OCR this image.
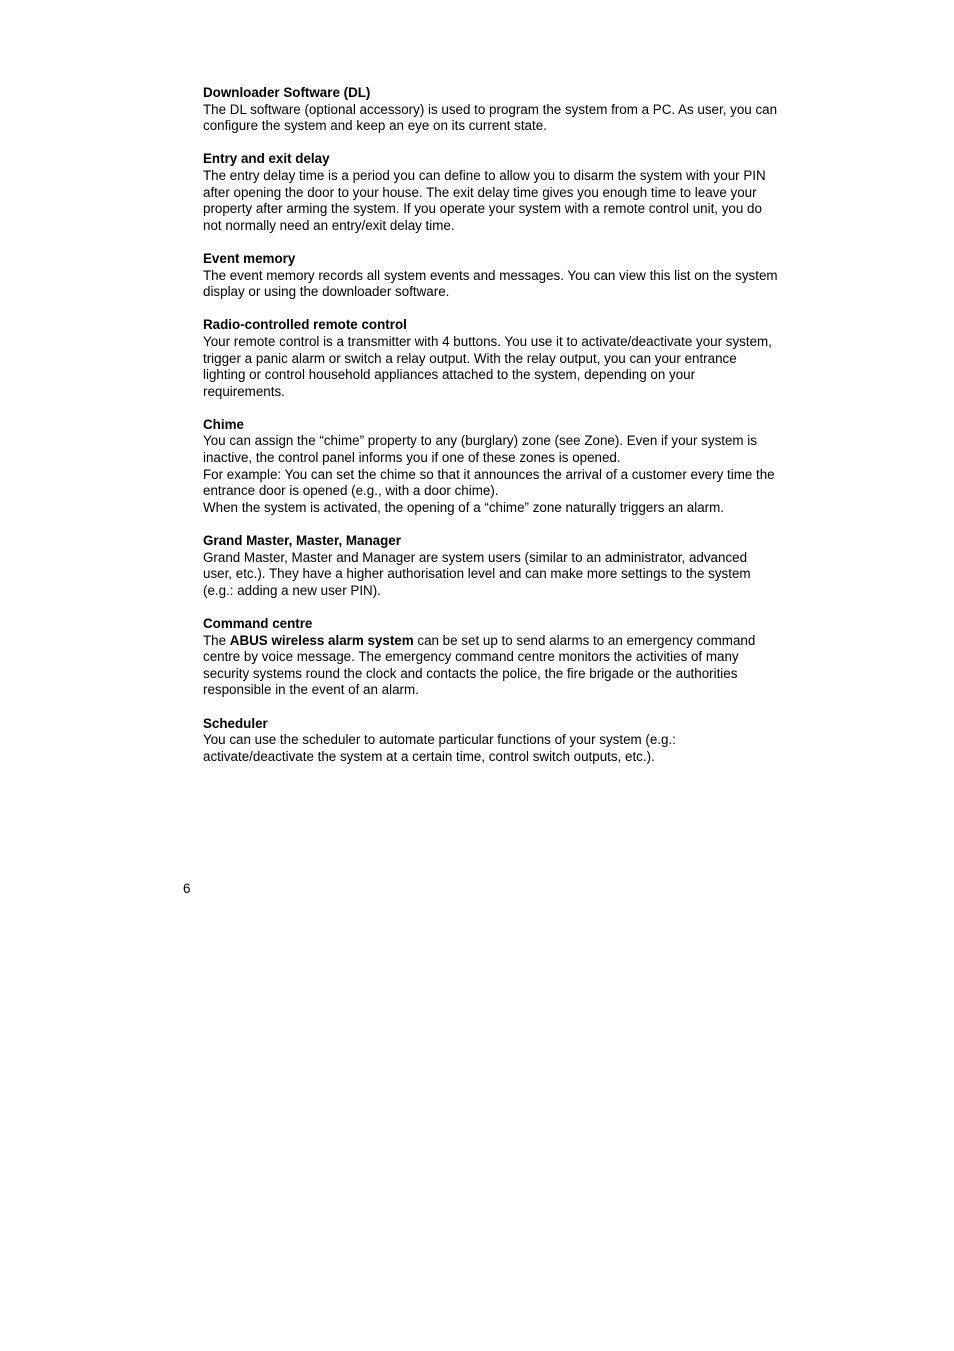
Downloader Software (DL)

The DL software (optional accessory) is used to program the system from a PC. As user, you can configure the system and keep an eye on its current state.

Entry and exit delay

The entry delay time is a period you can define to allow you to disarm the system with your PIN after opening the door to your house. The exit delay time gives you enough time to leave your property after arming the system. If you operate your system with a remote control unit, you do not normally need an entry/exit delay time.

Event memory

The event memory records all system events and messages. You can view this list on the system display or using the downloader software.

Radio-controlled remote control

Your remote control is a transmitter with 4 buttons. You use it to activate/deactivate your system, trigger a panic alarm or switch a relay output. With the relay output, you can your entrance lighting or control household appliances attached to the system, depending on your requirements.

Chime

You can assign the “chime” property to any (burglary) zone (see Zone). Even if your system is inactive, the control panel informs you if one of these zones is opened.

For example: You can set the chime so that it announces the arrival of a customer every time the entrance door is opened (e.g., with a door chime).

When the system is activated, the opening of a “chime” zone naturally triggers an alarm.

Grand Master, Master, Manager

Grand Master, Master and Manager are system users (similar to an administrator, advanced user, etc.). They have a higher authorisation level and can make more settings to the system (e.g.: adding a new user PIN).

Command centre

The ABUS wireless alarm system can be set up to send alarms to an emergency command centre by voice message. The emergency command centre monitors the activities of many security systems round the clock and contacts the police, the fire brigade or the authorities responsible in the event of an alarm.

Scheduler

You can use the scheduler to automate particular functions of your system (e.g.: activate/deactivate the system at a certain time, control switch outputs, etc.).

6
